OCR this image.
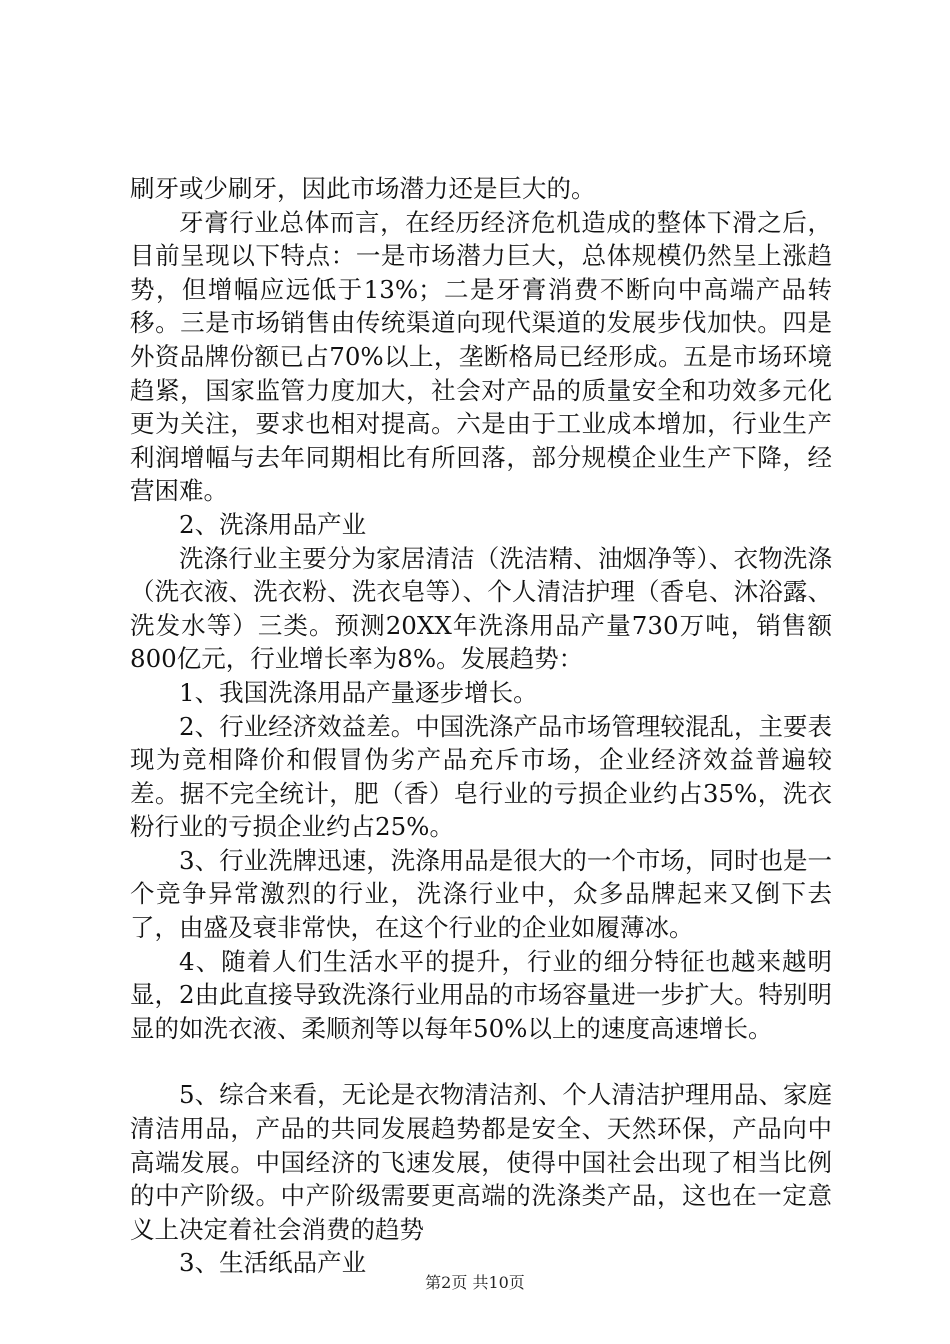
刷牙或少刷牙，因此市场潜力还是巨大的。

牙膏行业总体而言，在经历经济危机造成的整体下滑之后，目前呈现以下特点：一是市场潜力巨大，总体规模仍然呈上涨趋势，但增幅应远低于13%；二是牙膏消费不断向中高端产品转移。三是市场销售由传统渠道向现代渠道的发展步伐加快。四是外资品牌份额已占70%以上，垄断格局已经形成。五是市场环境趋紧，国家监管力度加大，社会对产品的质量安全和功效多元化更为关注，要求也相对提高。六是由于工业成本增加，行业生产利润增幅与去年同期相比有所回落，部分规模企业生产下降，经营困难。

2、洗涤用品产业

洗涤行业主要分为家居清洁（洗洁精、油烟净等）、衣物洗涤（洗衣液、洗衣粉、洗衣皂等）、个人清洁护理（香皂、沐浴露、洗发水等）三类。预测20XX年洗涤用品产量730万吨，销售额800亿元，行业增长率为8%。发展趋势：

1、我国洗涤用品产量逐步增长。

2、行业经济效益差。中国洗涤产品市场管理较混乱，主要表现为竞相降价和假冒伪劣产品充斥市场，企业经济效益普遍较差。据不完全统计，肥（香）皂行业的亏损企业约占35%，洗衣粉行业的亏损企业约占25%。

3、行业洗牌迅速，洗涤用品是很大的一个市场，同时也是一个竞争异常激烈的行业，洗涤行业中，众多品牌起来又倒下去了，由盛及衰非常快，在这个行业的企业如履薄冰。

4、随着人们生活水平的提升，行业的细分特征也越来越明显，2由此直接导致洗涤行业用品的市场容量进一步扩大。特别明显的如洗衣液、柔顺剂等以每年50%以上的速度高速增长。

5、综合来看，无论是衣物清洁剂、个人清洁护理用品、家庭清洁用品，产品的共同发展趋势都是安全、天然环保，产品向中高端发展。中国经济的飞速发展，使得中国社会出现了相当比例的中产阶级。中产阶级需要更高端的洗涤类产品，这也在一定意义上决定着社会消费的趋势

3、生活纸品产业

第2页 共10页
